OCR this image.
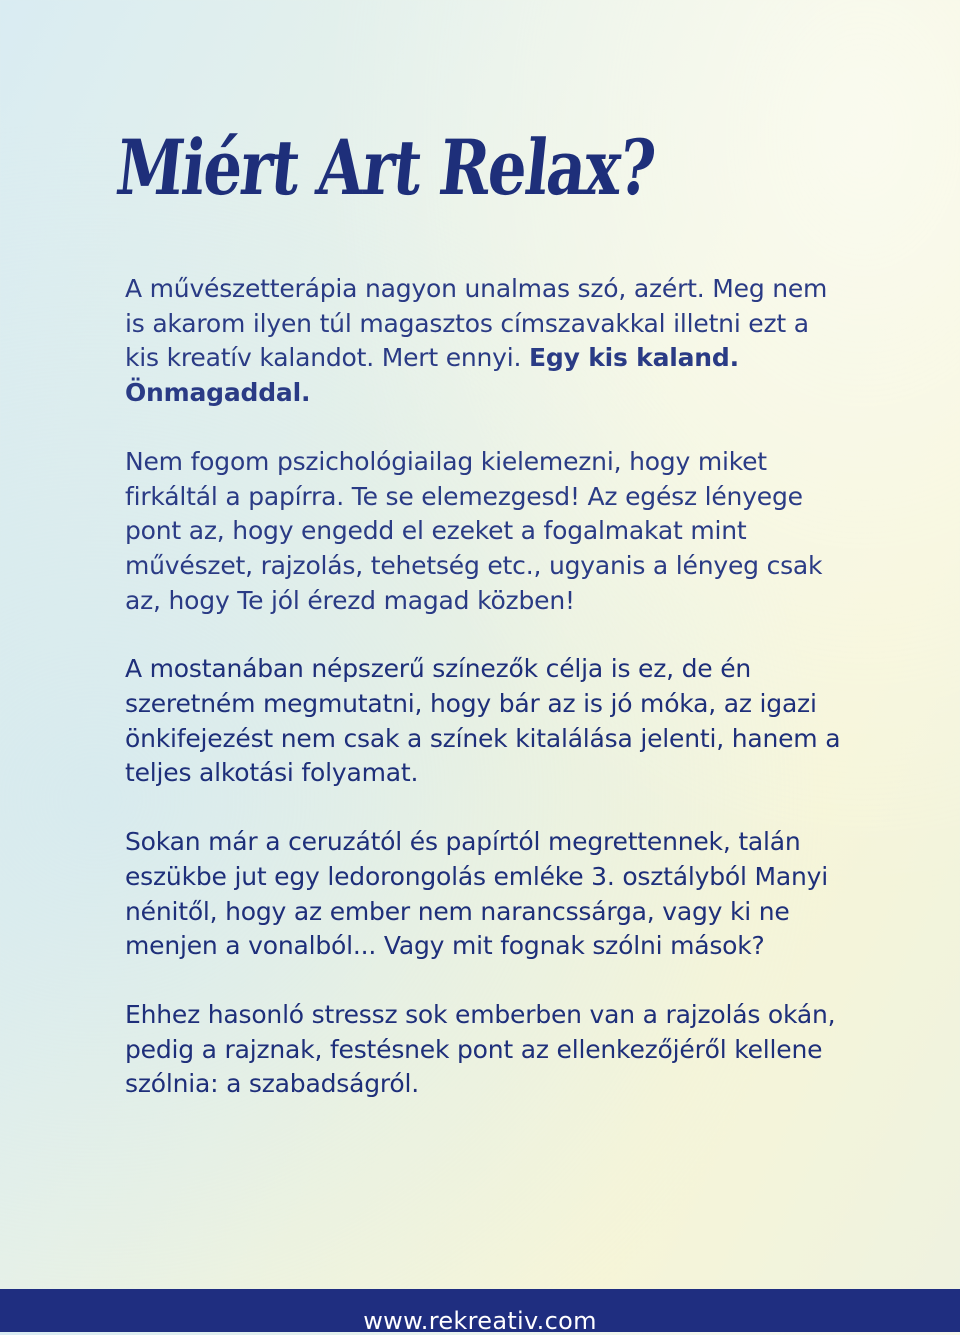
Miért Art Relax?

A művészetterápia nagyon unalmas szó, azért. Meg nem is akarom ilyen túl magasztos címszavakkal illetni ezt a kis kreatív kalandot. Mert ennyi. Egy kis kaland. Önmagaddal.

Nem fogom pszichológiailag kielemezni, hogy miket firkáltál a papírra. Te se elemezgesd! Az egész lényege pont az, hogy engedd el ezeket a fogalmakat mint művészet, rajzolás, tehetség etc., ugyanis a lényeg csak az, hogy Te jól érezd magad közben!

A mostanában népszerű színezők célja is ez, de én szeretném megmutatni, hogy bár az is jó móka, az igazi önkifejezést nem csak a színek kitalálása jelenti, hanem a teljes alkotási folyamat.

Sokan már a ceruzától és papírtól megrettennek, talán eszükbe jut egy ledorongolás emléke 3. osztályból Manyi nénitől, hogy az ember nem narancssárga, vagy ki ne menjen a vonalból... Vagy mit fognak szólni mások?

Ehhez hasonló stressz sok emberben van a rajzolás okán, pedig a rajznak, festésnek pont az ellenkezőjéről kellene szólnia: a szabadságról.

www.rekreativ.com
